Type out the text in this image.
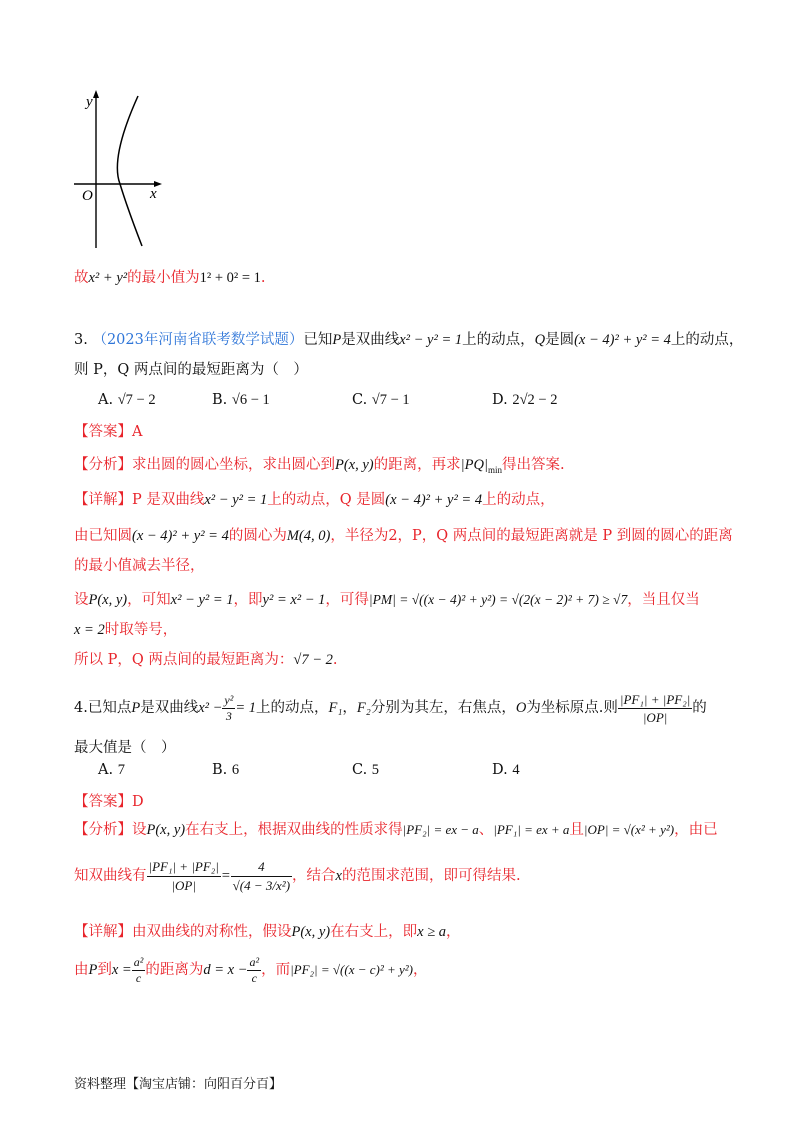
y
x
O
故x² + y²的最小值为1² + 0² = 1.
3. （2023年河南省联考数学试题）已知P是双曲线x² − y² = 1上的动点，Q是圆(x − 4)² + y² = 4上的动点，
则 P，Q 两点间的最短距离为（　）
A. √7 − 2	B. √6 − 1	C. √7 − 1	D. 2√2 − 2
【答案】A
【分析】求出圆的圆心坐标，求出圆心到P(x, y)的距离，再求$|PQ|_{min}$得出答案.
【详解】P 是双曲线x² − y² = 1上的动点，Q 是圆(x − 4)² + y² = 4上的动点，
由已知圆(x − 4)² + y² = 4的圆心为M(4, 0)，半径为2，P，Q 两点间的最短距离就是 P 到圆的圆心的距离
的最小值减去半径，
设P(x, y)，可知x² − y² = 1，即y² = x² − 1，可得|PM| = √((x − 4)² + y²) = √(2(x − 2)² + 7) ≥ √7，当且仅当
x = 2时取等号，
所以 P，Q 两点间的最短距离为：√7 − 2.
4.已知点P是双曲线$x^2 - \frac{\text{y²}}{3} = 1$上的动点，F₁，F₂分别为其左，右焦点，O为坐标原点.则 $\frac{\text{|PF₁| + |PF₂|}}{|OP|}$ 的
最大值是（　）
A. 7	B. 6	C. 5	D. 4
【答案】D
【分析】设P(x, y)在右支上，根据双曲线的性质求得|PF₂| = ex − a、|PF₁| = ex + a且|OP| = √(x² + y²)，由已
知双曲线有 $\frac{\text{|PF₁| + |PF₂|}}{|OP|} = \frac{4}{\text{√(4 − 3/x²)}}$ ，结合x的范围求范围，即可得结果.
【详解】由双曲线的对称性，假设P(x, y)在右支上，即x ≥ a，
由P到$x = \frac{\text{a²}}{c}$ 的距离为$d = x - \frac{\text{a²}}{c}$ ，而|PF₂| = √((x − c)² + y²)，
资料整理【淘宝店铺：向阳百分百】
